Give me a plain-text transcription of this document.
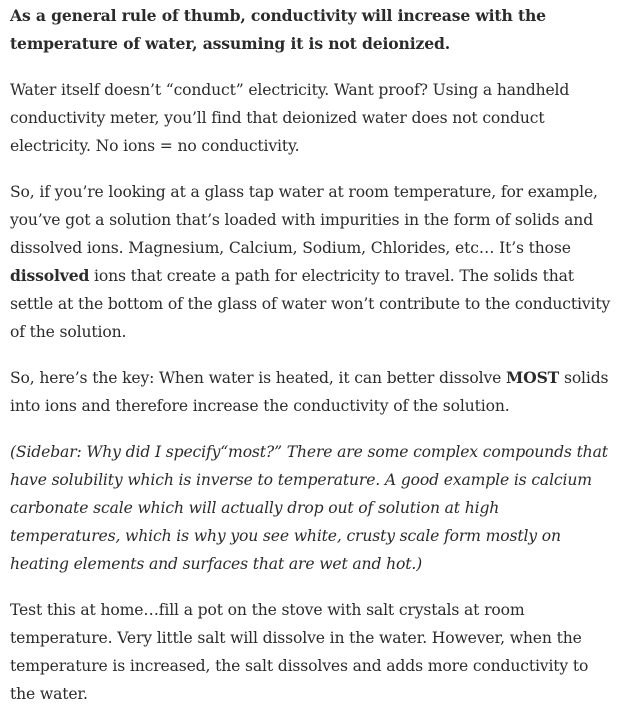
As a general rule of thumb, conductivity will increase with the temperature of water, assuming it is not deionized.

Water itself doesn’t “conduct” electricity. Want proof? Using a handheld conductivity meter, you’ll find that deionized water does not conduct electricity. No ions = no conductivity.

So, if you’re looking at a glass tap water at room temperature, for example, you’ve got a solution that’s loaded with impurities in the form of solids and dissolved ions. Magnesium, Calcium, Sodium, Chlorides, etc… It’s those dissolved ions that create a path for electricity to travel. The solids that settle at the bottom of the glass of water won’t contribute to the conductivity of the solution.

So, here’s the key: When water is heated, it can better dissolve MOST solids into ions and therefore increase the conductivity of the solution.

(Sidebar: Why did I specify“most?” There are some complex compounds that have solubility which is inverse to temperature. A good example is calcium carbonate scale which will actually drop out of solution at high temperatures, which is why you see white, crusty scale form mostly on heating elements and surfaces that are wet and hot.)

Test this at home…fill a pot on the stove with salt crystals at room temperature. Very little salt will dissolve in the water. However, when the temperature is increased, the salt dissolves and adds more conductivity to the water.
